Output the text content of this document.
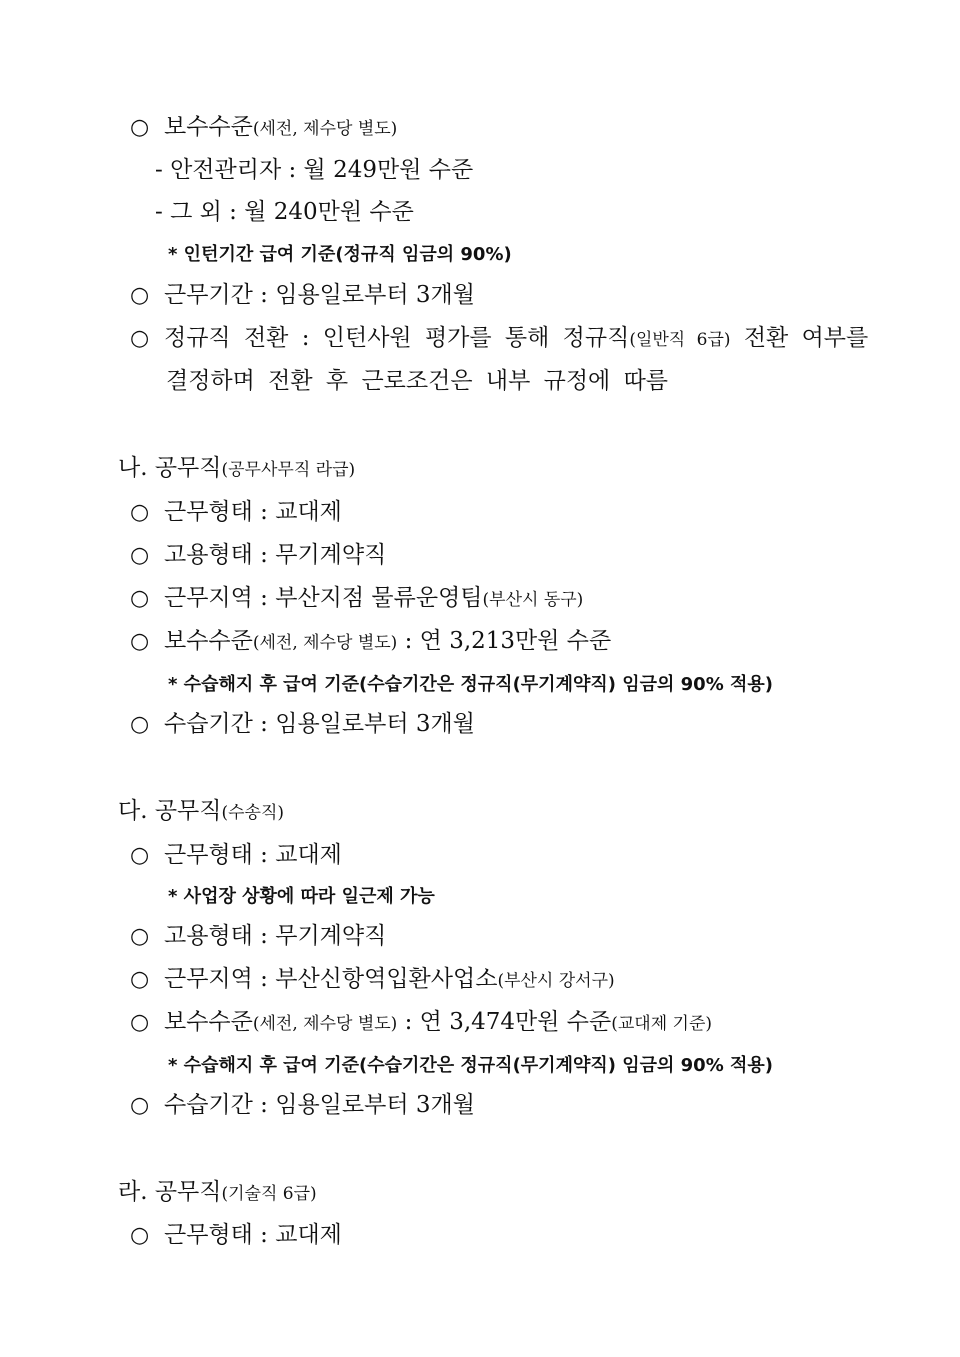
○ 보수수준(세전, 제수당 별도)
- 안전관리자 : 월 249만원 수준
- 그 외 : 월 240만원 수준
* 인턴기간 급여 기준(정규직 임금의 90%)
○ 근무기간 : 임용일로부터 3개월
○ 정규직 전환 : 인턴사원 평가를 통해 정규직(일반직 6급) 전환 여부를
결정하며 전환 후 근로조건은 내부 규정에 따름
나. 공무직(공무사무직 라급)
○ 근무형태 : 교대제
○ 고용형태 : 무기계약직
○ 근무지역 : 부산지점 물류운영팀(부산시 동구)
○ 보수수준(세전, 제수당 별도) : 연 3,213만원 수준
* 수습해지 후 급여 기준(수습기간은 정규직(무기계약직) 임금의 90% 적용)
○ 수습기간 : 임용일로부터 3개월
다. 공무직(수송직)
○ 근무형태 : 교대제
* 사업장 상황에 따라 일근제 가능
○ 고용형태 : 무기계약직
○ 근무지역 : 부산신항역입환사업소(부산시 강서구)
○ 보수수준(세전, 제수당 별도) : 연 3,474만원 수준(교대제 기준)
* 수습해지 후 급여 기준(수습기간은 정규직(무기계약직) 임금의 90% 적용)
○ 수습기간 : 임용일로부터 3개월
라. 공무직(기술직 6급)
○ 근무형태 : 교대제
